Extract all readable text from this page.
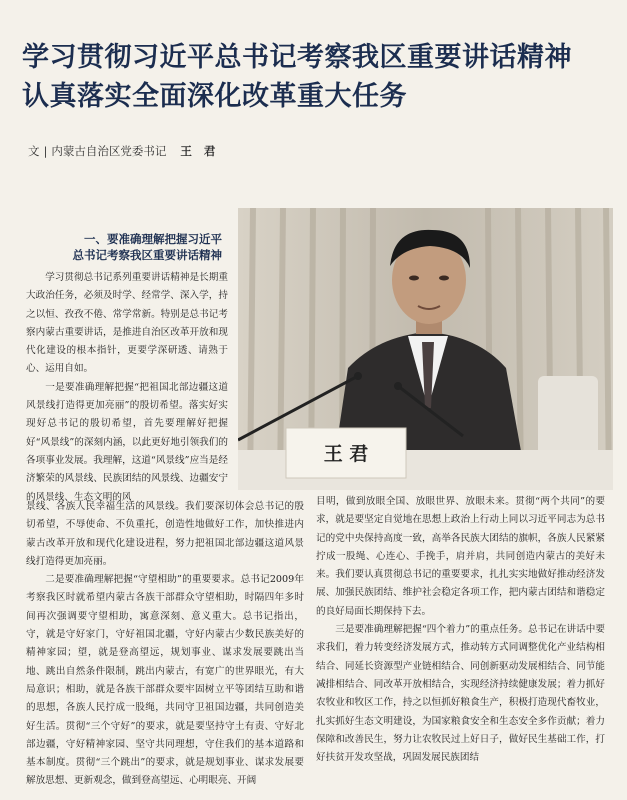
学习贯彻习近平总书记考察我区重要讲话精神
认真落实全面深化改革重大任务
文 | 内蒙古自治区党委书记 王 君
王 君
一、要准确理解把握习近平
总书记考察我区重要讲话精神

学习贯彻总书记系列重要讲话精神是长期重大政治任务，必须及时学、经常学、深入学，持之以恒、孜孜不倦、常学常新。特别是总书记考察内蒙古重要讲话，是推进自治区改革开放和现代化建设的根本指针，更要学深研透、请熟于心、运用自如。

一是要准确理解把握“把祖国北部边疆这道风景线打造得更加亮丽”的殷切希望。落实好实现好总书记的殷切希望，首先要理解好把握好“风景线”的深刻内涵，以此更好地引领我们的各项事业发展。我理解，这道“风景线”应当是经济繁荣的风景线、民族团结的风景线、边疆安宁的风景线、生态文明的风

景线、各族人民幸福生活的风景线。我们要深切体会总书记的殷切希望，不辱使命、不负重托，创造性地做好工作，加快推进内蒙古改革开放和现代化建设进程，努力把祖国北部边疆这道风景线打造得更加亮丽。

二是要准确理解把握“守望相助”的重要要求。总书记2009年考察我区时就希望内蒙古各族干部群众守望相助，时隔四年多时间再次强调要守望相助，寓意深刻、意义重大。总书记指出，守，就是守好家门，守好祖国北疆，守好内蒙古少数民族美好的精神家园；望，就是登高望远，规划事业、谋求发展要跳出当地、跳出自然条件限制，跳出内蒙古，有宽广的世界眼光，有大局意识；相助，就是各族干部群众要牢固树立平等团结互助和谐的思想，各族人民拧成一股绳，共同守卫祖国边疆，共同创造美好生活。贯彻“三个守好”的要求，就是要坚持守土有责、守好北部边疆，守好精神家园、坚守共同理想，守住我们的基本道路和基本制度。贯彻“三个跳出”的要求，就是规划事业、谋求发展要解放思想、更新观念，做到登高望远、心明眼亮、开阔

目明，做到放眼全国、放眼世界、放眼未来。贯彻“两个共同”的要求，就是要坚定自觉地在思想上政治上行动上同以习近平同志为总书记的党中央保持高度一致，高举各民族大团结的旗帜，各族人民紧紧拧成一股绳、心连心、手挽手，肩并肩，共同创造内蒙古的美好未来。我们要认真贯彻总书记的重要要求，扎扎实实地做好推动经济发展、加强民族团结、维护社会稳定各项工作，把内蒙古团结和谐稳定的良好局面长期保持下去。

三是要准确理解把握“四个着力”的重点任务。总书记在讲话中要求我们，着力转变经济发展方式，推动转方式同调整优化产业结构相结合、同延长资源型产业链相结合、同创新驱动发展相结合、同节能减排相结合、同改革开放相结合，实现经济持续健康发展；着力抓好农牧业和牧区工作，持之以恒抓好粮食生产，积极打造现代畜牧业，扎实抓好生态文明建设，为国家粮食安全和生态安全多作贡献；着力保障和改善民生，努力让农牧民过上好日子，做好民生基础工作，打好扶贫开发攻坚战，巩固发展民族团结
